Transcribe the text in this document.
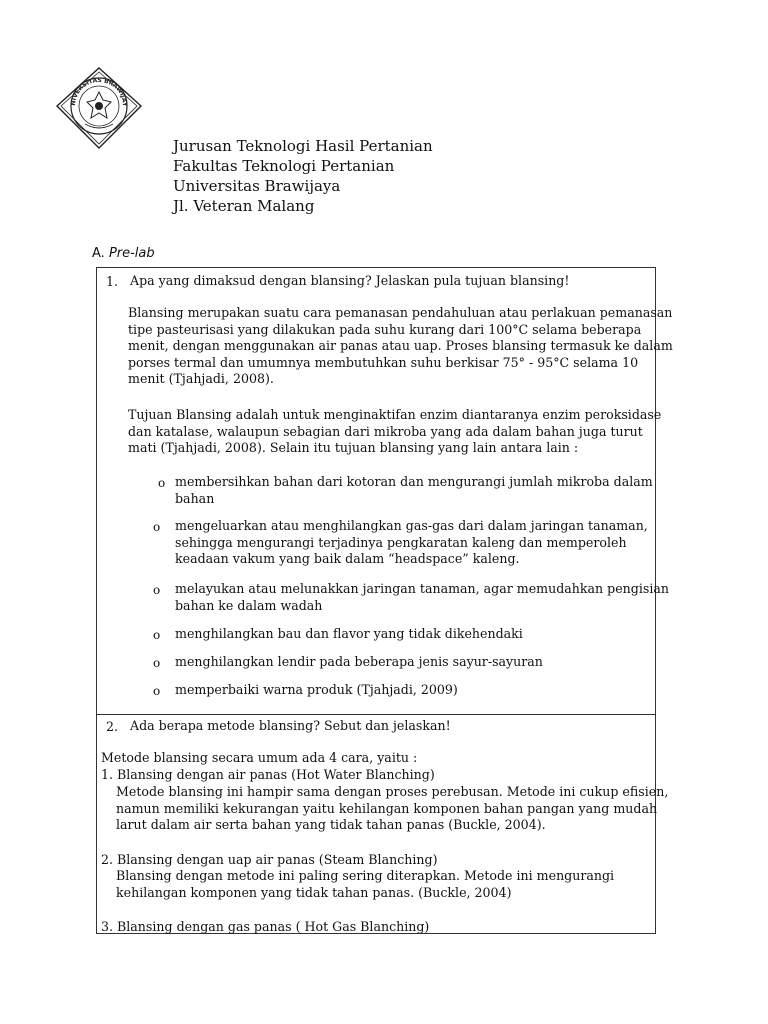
NIVERSITAS BRAWIJAY
Jurusan Teknologi Hasil Pertanian
Fakultas Teknologi Pertanian
Universitas Brawijaya
Jl. Veteran Malang
A. Pre-lab
1. Apa yang dimaksud dengan blansing? Jelaskan pula tujuan blansing!
Blansing merupakan suatu cara pemanasan pendahuluan atau perlakuan pemanasan
tipe pasteurisasi yang dilakukan pada suhu kurang dari 100°C selama beberapa
menit, dengan menggunakan air panas atau uap. Proses blansing termasuk ke dalam
porses termal dan umumnya membutuhkan suhu berkisar 75° - 95°C selama 10
menit (Tjahjadi, 2008).
Tujuan Blansing adalah untuk menginaktifan enzim diantaranya enzim peroksidase
dan katalase, walaupun sebagian dari mikroba yang ada dalam bahan juga turut
mati (Tjahjadi, 2008). Selain itu tujuan blansing yang lain antara lain :
o membersihkan bahan dari kotoran dan mengurangi jumlah mikroba dalam
bahan
o mengeluarkan atau menghilangkan gas-gas dari dalam jaringan tanaman,
sehingga mengurangi terjadinya pengkaratan kaleng dan memperoleh
keadaan vakum yang baik dalam “headspace” kaleng.
o melayukan atau melunakkan jaringan tanaman, agar memudahkan pengisian
bahan ke dalam wadah
o menghilangkan bau dan flavor yang tidak dikehendaki
o menghilangkan lendir pada beberapa jenis sayur-sayuran
o memperbaiki warna produk (Tjahjadi, 2009)
2. Ada berapa metode blansing? Sebut dan jelaskan!
Metode blansing secara umum ada 4 cara, yaitu :
1. Blansing dengan air panas (Hot Water Blanching)
Metode blansing ini hampir sama dengan proses perebusan. Metode ini cukup efisien,
namun memiliki kekurangan yaitu kehilangan komponen bahan pangan yang mudah
larut dalam air serta bahan yang tidak tahan panas (Buckle, 2004).
2. Blansing dengan uap air panas (Steam Blanching)
Blansing dengan metode ini paling sering diterapkan. Metode ini mengurangi
kehilangan komponen yang tidak tahan panas. (Buckle, 2004)
3. Blansing dengan gas panas ( Hot Gas Blanching)
